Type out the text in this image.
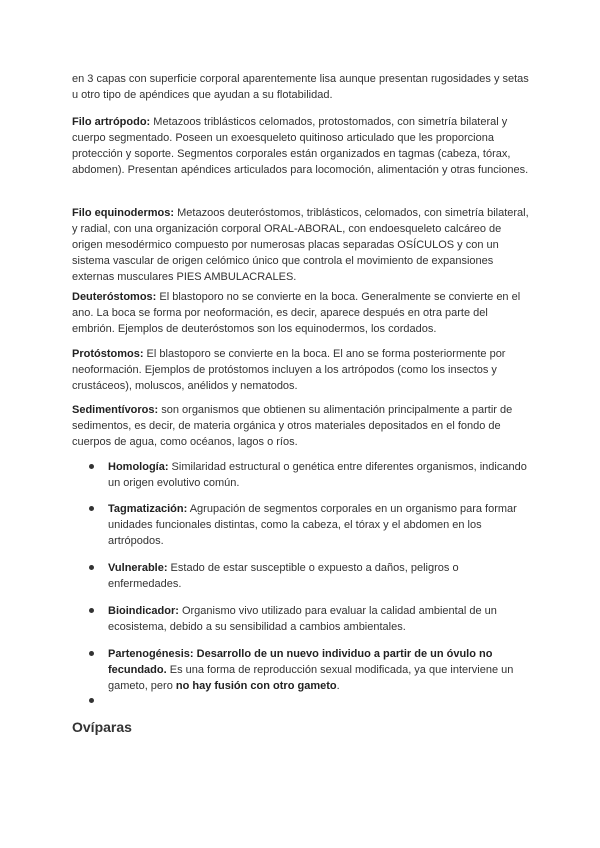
en 3 capas con superficie corporal aparentemente lisa aunque presentan rugosidades y setas u otro tipo de apéndices que ayudan a su flotabilidad.

Filo artrópodo: Metazoos triblásticos celomados, protostomados, con simetría bilateral y cuerpo segmentado. Poseen un exoesqueleto quitinoso articulado que les proporciona protección y soporte. Segmentos corporales están organizados en tagmas (cabeza, tórax, abdomen). Presentan apéndices articulados para locomoción, alimentación y otras funciones.

Filo equinodermos: Metazoos deuteróstomos, triblásticos, celomados, con simetría bilateral, y radial, con una organización corporal ORAL-ABORAL, con endoesqueleto calcáreo de origen mesodérmico compuesto por numerosas placas separadas OSÍCULOS y con un sistema vascular de origen celómico único que controla el movimiento de expansiones externas musculares PIES AMBULACRALES.

Deuteróstomos: El blastoporo no se convierte en la boca. Generalmente se convierte en el ano. La boca se forma por neoformación, es decir, aparece después en otra parte del embrión. Ejemplos de deuteróstomos son los equinodermos, los cordados.

Protóstomos: El blastoporo se convierte en la boca. El ano se forma posteriormente por neoformación. Ejemplos de protóstomos incluyen a los artrópodos (como los insectos y crustáceos), moluscos, anélidos y nematodos.

Sedimentívoros: son organismos que obtienen su alimentación principalmente a partir de sedimentos, es decir, de materia orgánica y otros materiales depositados en el fondo de cuerpos de agua, como océanos, lagos o ríos.

Homología: Similaridad estructural o genética entre diferentes organismos, indicando un origen evolutivo común.

Tagmatización: Agrupación de segmentos corporales en un organismo para formar unidades funcionales distintas, como la cabeza, el tórax y el abdomen en los artrópodos.

Vulnerable: Estado de estar susceptible o expuesto a daños, peligros o enfermedades.

Bioindicador: Organismo vivo utilizado para evaluar la calidad ambiental de un ecosistema, debido a su sensibilidad a cambios ambientales.

Partenogénesis: Desarrollo de un nuevo individuo a partir de un óvulo no fecundado. Es una forma de reproducción sexual modificada, ya que interviene un gameto, pero no hay fusión con otro gameto.

Ovíparas
